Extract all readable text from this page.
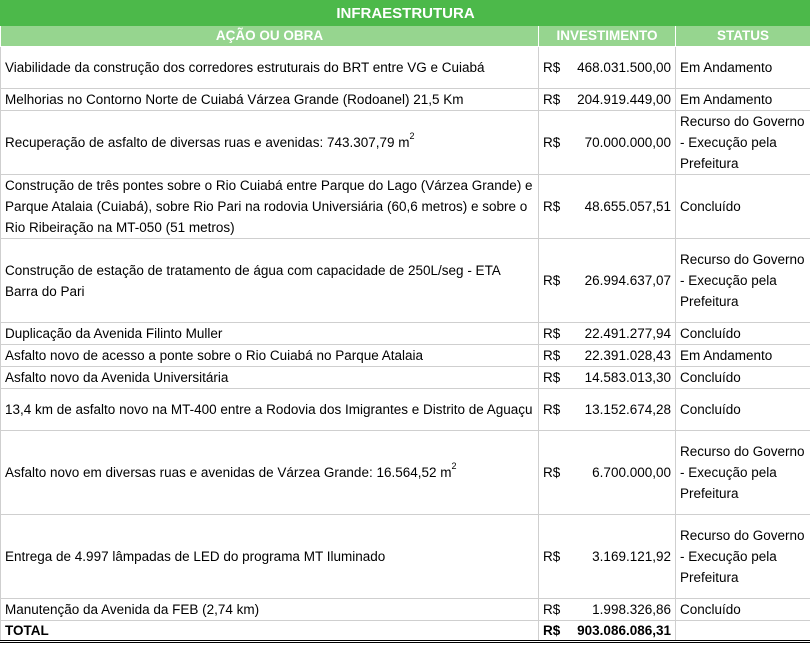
INFRAESTRUTURA		
AÇÃO OU OBRA	INVESTIMENTO	STATUS
Viabilidade da construção dos corredores estruturais do BRT entre VG e Cuiabá	R$ 468.031.500,00	Em Andamento
Melhorias no Contorno Norte de Cuiabá Várzea Grande (Rodoanel) 21,5 Km	R$ 204.919.449,00	Em Andamento
Recuperação de asfalto de diversas ruas e avenidas: 743.307,79 $m^2$	R$ 70.000.000,00	Recurso do Governo - Execução pela Prefeitura
Construção de três pontes sobre o Rio Cuiabá entre Parque do Lago (Várzea Grande) e Parque Atalaia (Cuiabá), sobre Rio Pari na rodovia Universiária (60,6 metros) e sobre o Rio Ribeiração na MT-050 (51 metros)	R$ 48.655.057,51	Concluído
Construção de estação de tratamento de água com capacidade de 250L/seg - ETA Barra do Pari	R$ 26.994.637,07	Recurso do Governo - Execução pela Prefeitura
Duplicação da Avenida Filinto Muller	R$ 22.491.277,94	Concluído
Asfalto novo de acesso a ponte sobre o Rio Cuiabá no Parque Atalaia	R$ 22.391.028,43	Em Andamento
Asfalto novo da Avenida Universitária	R$ 14.583.013,30	Concluído
13,4 km de asfalto novo na MT-400 entre a Rodovia dos Imigrantes e Distrito de Aguaçu	R$ 13.152.674,28	Concluído
Asfalto novo em diversas ruas e avenidas de Várzea Grande: 16.564,52 $m^2$	R$ 6.700.000,00	Recurso do Governo - Execução pela Prefeitura
Entrega de 4.997 lâmpadas de LED do programa MT Iluminado	R$ 3.169.121,92	Recurso do Governo - Execução pela Prefeitura
Manutenção da Avenida da FEB (2,74 km)	R$ 1.998.326,86	Concluído
TOTAL	R$ 903.086.086,31	
